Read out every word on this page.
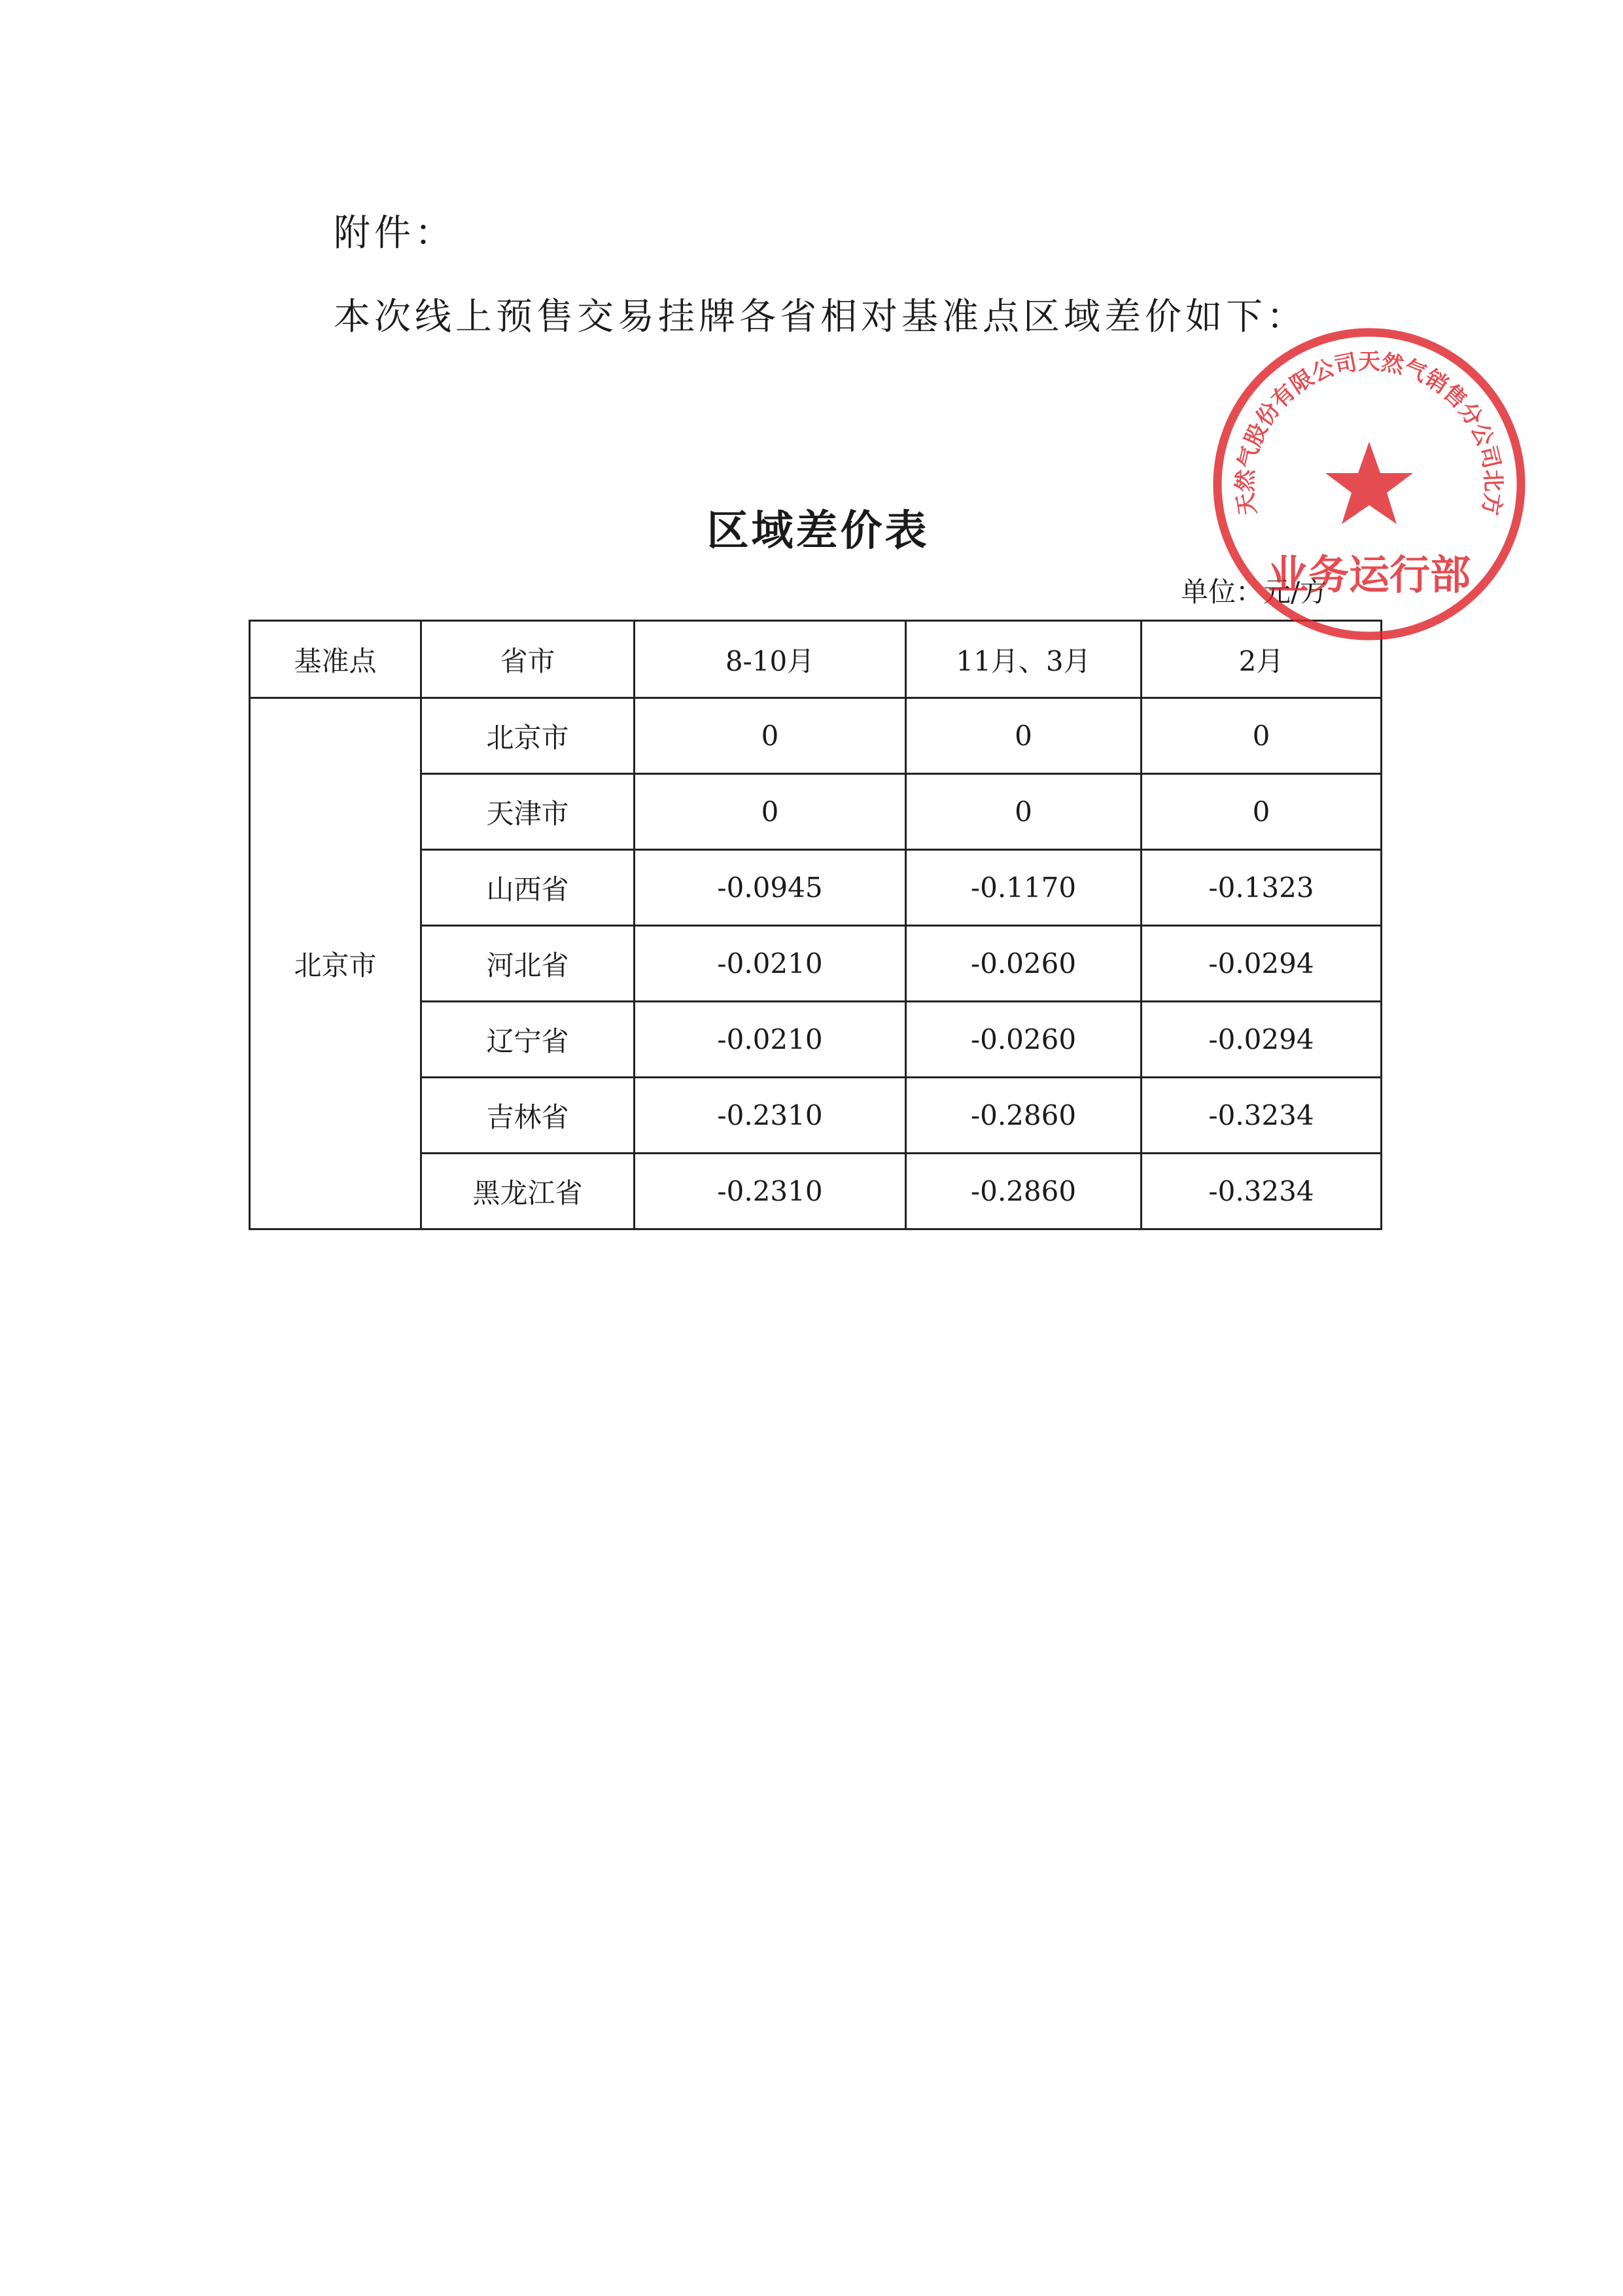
附件：
本次线上预售交易挂牌各省相对基准点区域差价如下：
区域差价表
单位：元/方
基准点	省市	8-10月	11月、3月	2月
北京市	北京市	0	0	0
	天津市	0	0	0
	山西省	-0.0945	-0.1170	-0.1323
	河北省	-0.0210	-0.0260	-0.0294
	辽宁省	-0.0210	-0.0260	-0.0294
	吉林省	-0.2310	-0.2860	-0.3234
	黑龙江省	-0.2310	-0.2860	-0.3234
天然气股份有限公司天然气销售分公司北方
业务运行部
